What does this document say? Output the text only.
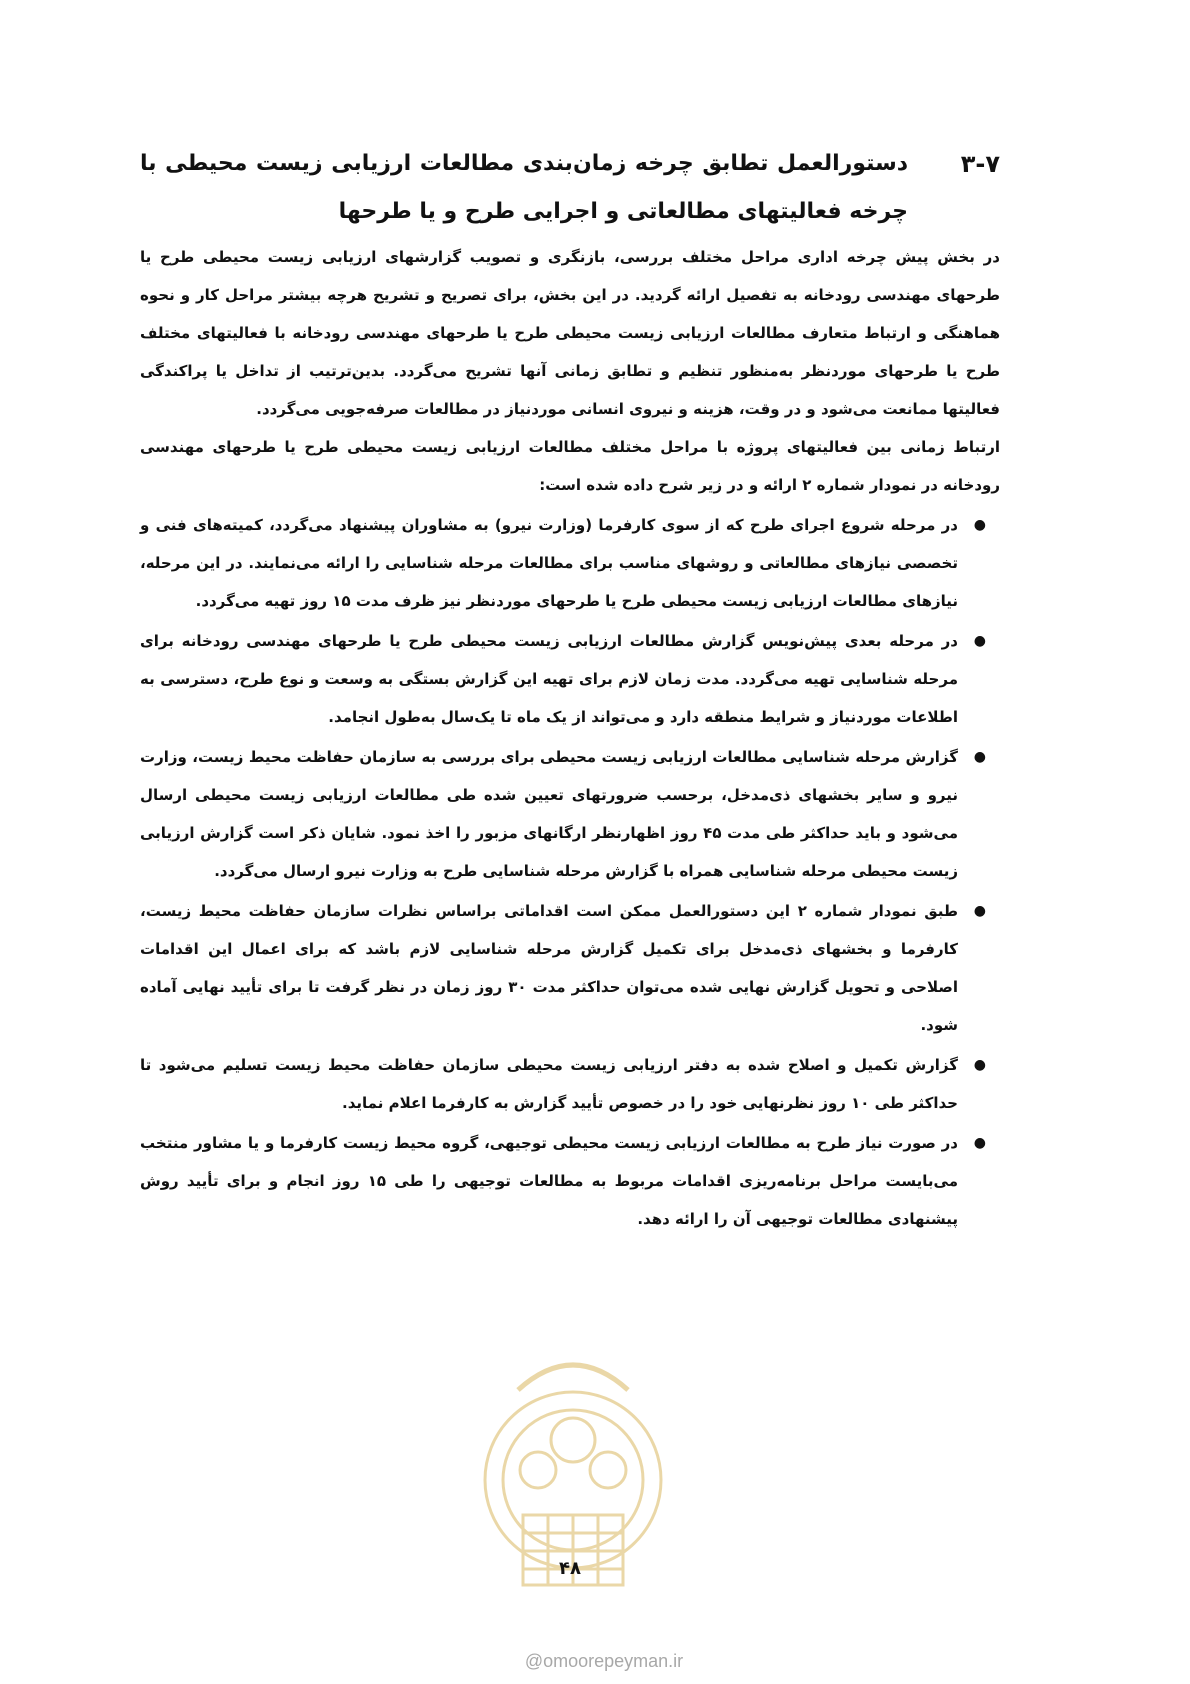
۳-۷
دستورالعمل تطابق چرخه زمان‌بندی مطالعات ارزیابی زیست محیطی با چرخه فعالیتهای مطالعاتی و اجرایی طرح و یا طرحها

در بخش پیش چرخه اداری مراحل مختلف بررسی، بازنگری و تصویب گزارشهای ارزیابی زیست محیطی طرح یا طرحهای مهندسی رودخانه به تفصیل ارائه گردید. در این بخش، برای تصریح و تشریح هرچه بیشتر مراحل کار و نحوه هماهنگی و ارتباط متعارف مطالعات ارزیابی زیست محیطی طرح یا طرحهای مهندسی رودخانه با فعالیتهای مختلف طرح یا طرحهای موردنظر به‌منظور تنظیم و تطابق زمانی آنها تشریح می‌گردد. بدین‌ترتیب از تداخل یا پراکندگی فعالیتها ممانعت می‌شود و در وقت، هزینه و نیروی انسانی موردنیاز در مطالعات صرفه‌جویی می‌گردد.

ارتباط زمانی بین فعالیتهای پروژه با مراحل مختلف مطالعات ارزیابی زیست محیطی طرح یا طرحهای مهندسی رودخانه در نمودار شماره ۲ ارائه و در زیر شرح داده شده است:

●
در مرحله شروع اجرای طرح که از سوی کارفرما (وزارت نیرو) به مشاوران پیشنهاد می‌گردد، کمیته‌های فنی و تخصصی نیازهای مطالعاتی و روشهای مناسب برای مطالعات مرحله شناسایی را ارائه می‌نمایند. در این مرحله، نیازهای مطالعات ارزیابی زیست محیطی طرح یا طرحهای موردنظر نیز ظرف مدت ۱۵ روز تهیه می‌گردد.
●
در مرحله بعدی پیش‌نویس گزارش مطالعات ارزیابی زیست محیطی طرح یا طرحهای مهندسی رودخانه برای مرحله شناسایی تهیه می‌گردد. مدت زمان لازم برای تهیه این گزارش بستگی به وسعت و نوع طرح، دسترسی به اطلاعات موردنیاز و شرایط منطقه دارد و می‌تواند از یک ماه تا یک‌سال به‌طول انجامد.
●
گزارش مرحله شناسایی مطالعات ارزیابی زیست محیطی برای بررسی به سازمان حفاظت محیط زیست، وزارت نیرو و سایر بخشهای ذی‌مدخل، برحسب ضرورتهای تعیین شده طی مطالعات ارزیابی زیست محیطی ارسال می‌شود و باید حداکثر طی مدت ۴۵ روز اظهارنظر ارگانهای مزبور را اخذ نمود. شایان ذکر است گزارش ارزیابی زیست محیطی مرحله شناسایی همراه با گزارش مرحله شناسایی طرح به وزارت نیرو ارسال می‌گردد.
●
طبق نمودار شماره ۲ این دستورالعمل ممکن است اقداماتی براساس نظرات سازمان حفاظت محیط زیست، کارفرما و بخشهای ذی‌مدخل برای تکمیل گزارش مرحله شناسایی لازم باشد که برای اعمال این اقدامات اصلاحی و تحویل گزارش نهایی شده می‌توان حداکثر مدت ۳۰ روز زمان در نظر گرفت تا برای تأیید نهایی آماده شود.
●
گزارش تکمیل و اصلاح شده به دفتر ارزیابی زیست محیطی سازمان حفاظت محیط زیست تسلیم می‌شود تا حداکثر طی ۱۰ روز نظرنهایی خود را در خصوص تأیید گزارش به کارفرما اعلام نماید.
●
در صورت نیاز طرح به مطالعات ارزیابی زیست محیطی توجیهی، گروه محیط زیست کارفرما و یا مشاور منتخب می‌بایست مراحل برنامه‌ریزی اقدامات مربوط به مطالعات توجیهی را طی ۱۵ روز انجام و برای تأیید روش پیشنهادی مطالعات توجیهی آن را ارائه دهد.
۴۸
@omoorepeyman.ir
